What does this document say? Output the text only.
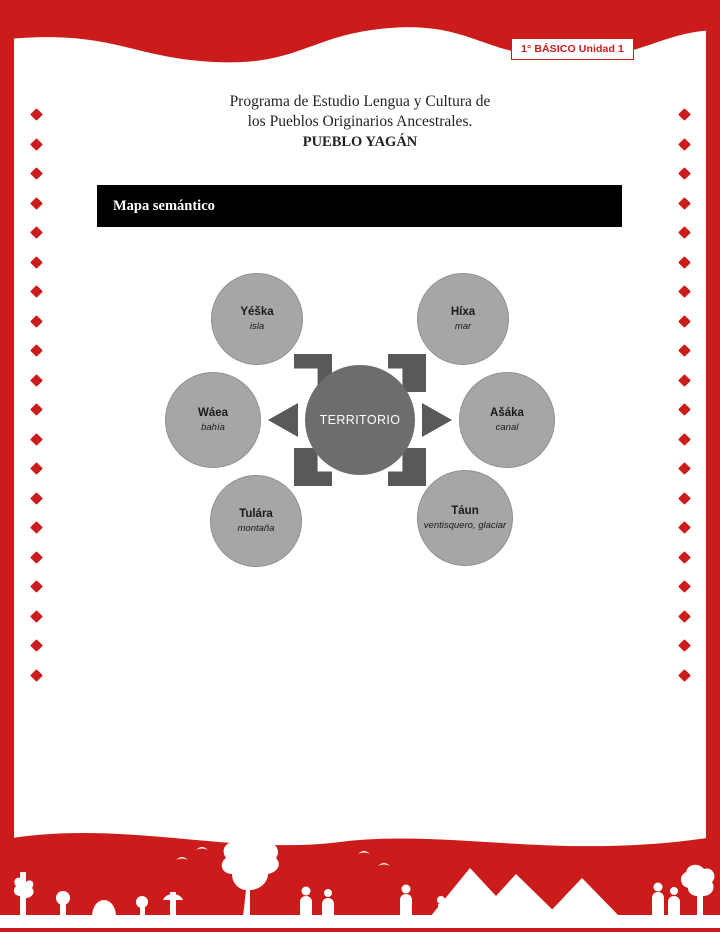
1° BÁSICO Unidad 1
Programa de Estudio Lengua y Cultura de
los Pueblos Originarios Ancestrales.
PUEBLO YAGÁN
Mapa semántico
TERRITORIO
Yéška
isla
Híxa
mar
Wáea
bahía
Ašáka
canal
Tulára
montaña
Táun
ventisquero, glaciar
